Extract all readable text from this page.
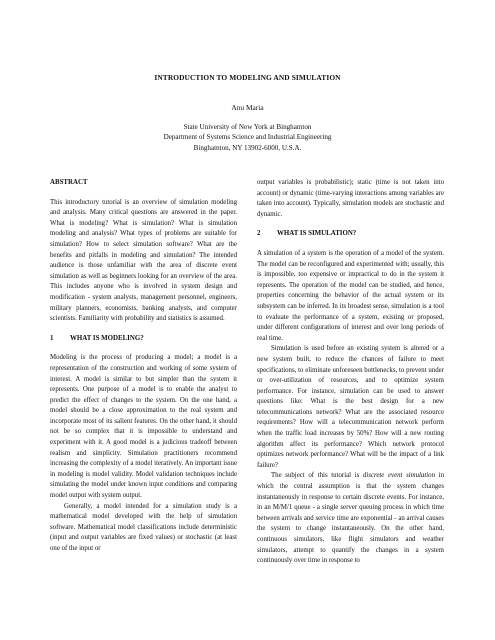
INTRODUCTION TO MODELING AND SIMULATION
Anu Maria
State University of New York at Binghamton
Department of Systems Science and Industrial Engineering
Binghamton, NY 13902-6000, U.S.A.

ABSTRACT

This introductory tutorial is an overview of simulation modeling and analysis. Many critical questions are answered in the paper. What is modeling? What is simulation? What is simulation modeling and analysis? What types of problems are suitable for simulation? How to select simulation software? What are the benefits and pitfalls in modeling and simulation? The intended audience is those unfamiliar with the area of discrete event simulation as well as beginners looking for an overview of the area. This includes anyone who is involved in system design and modification - system analysts, management personnel, engineers, military planners, economists, banking analysts, and computer scientists. Familiarity with probability and statistics is assumed.

1 WHAT IS MODELING?

Modeling is the process of producing a model; a model is a representation of the construction and working of some system of interest. A model is similar to but simpler than the system it represents. One purpose of a model is to enable the analyst to predict the effect of changes to the system. On the one hand, a model should be a close approximation to the real system and incorporate most of its salient features. On the other hand, it should not be so complex that it is impossible to understand and experiment with it. A good model is a judicious tradeoff between realism and simplicity. Simulation practitioners recommend increasing the complexity of a model iteratively. An important issue in modeling is model validity. Model validation techniques include simulating the model under known input conditions and comparing model output with system output.

Generally, a model intended for a simulation study is a mathematical model developed with the help of simulation software. Mathematical model classifications include deterministic (input and output variables are fixed values) or stochastic (at least one of the input or

output variables is probabilistic); static (time is not taken into account) or dynamic (time-varying interactions among variables are taken into account). Typically, simulation models are stochastic and dynamic.

2 WHAT IS SIMULATION?

A simulation of a system is the operation of a model of the system. The model can be reconfigured and experimented with; usually, this is impossible, too expensive or impractical to do in the system it represents. The operation of the model can be studied, and hence, properties concerning the behavior of the actual system or its subsystem can be inferred. In its broadest sense, simulation is a tool to evaluate the performance of a system, existing or proposed, under different configurations of interest and over long periods of real time.

Simulation is used before an existing system is altered or a new system built, to reduce the chances of failure to meet specifications, to eliminate unforeseen bottlenecks, to prevent under or over-utilization of resources, and to optimize system performance. For instance, simulation can be used to answer questions like: What is the best design for a new telecommunications network? What are the associated resource requirements? How will a telecommunication network perform when the traffic load increases by 50%? How will a new routing algorithm affect its performance? Which network protocol optimizes network performance? What will be the impact of a link failure?

The subject of this tutorial is discrete event simulation in which the central assumption is that the system changes instantaneously in response to certain discrete events. For instance, in an M/M/1 queue - a single server queuing process in which time between arrivals and service time are exponential - an arrival causes the system to change instantaneously. On the other hand, continuous simulators, like flight simulators and weather simulators, attempt to quantify the changes in a system continuously over time in response to
